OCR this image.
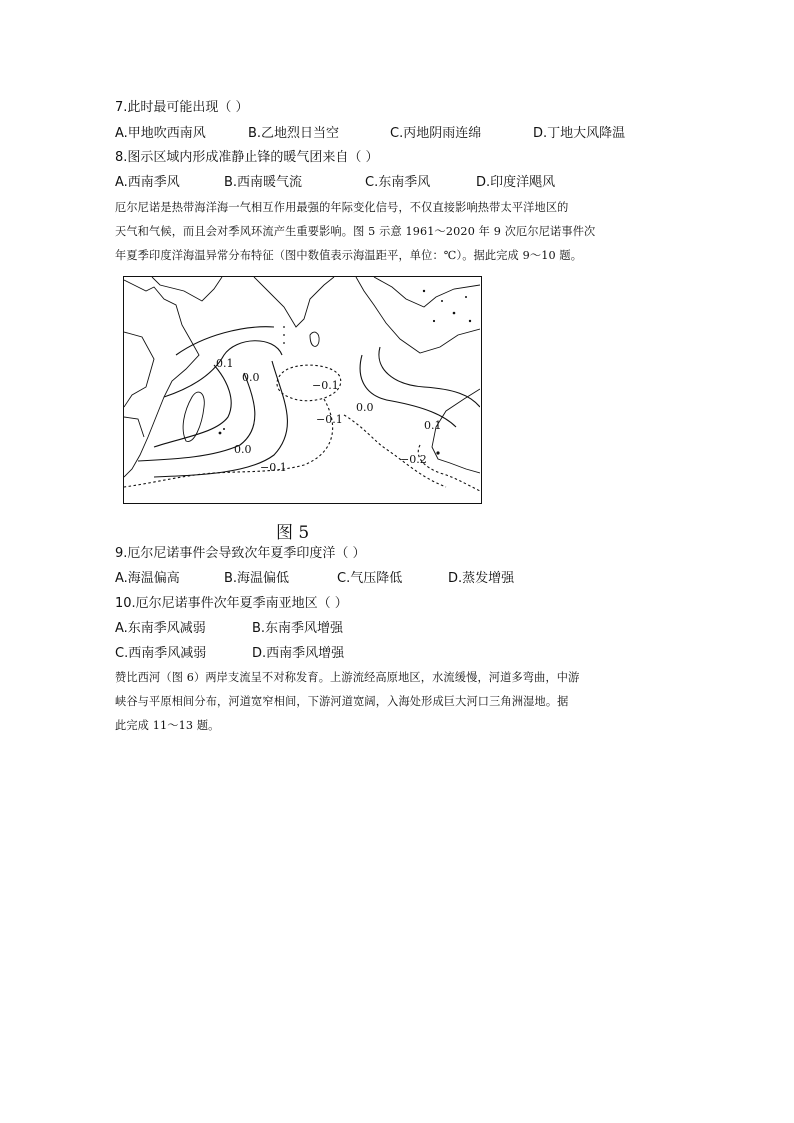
7.此时最可能出现（ ）
A.甲地吹西南风	B.乙地烈日当空	C.丙地阴雨连绵	D.丁地大风降温
8.图示区域内形成准静止锋的暖气团来自（ ）
A.西南季风	B.西南暖气流	C.东南季风	D.印度洋飓风
厄尔尼诺是热带海洋海一气相互作用最强的年际变化信号，不仅直接影响热带太平洋地区的
天气和气候，而且会对季风环流产生重要影响。图 5 示意 1961～2020 年 9 次厄尔尼诺事件次
年夏季印度洋海温异常分布特征（图中数值表示海温距平，单位：℃）。据此完成 9～10 题。
0.1
0.0
−0.1
−0.1
0.0
0.1
0.0
−0.1
−0.2
图 5
9.厄尔尼诺事件会导致次年夏季印度洋（ ）
A.海温偏高	B.海温偏低	C.气压降低	D.蒸发增强
10.厄尔尼诺事件次年夏季南亚地区（ ）
A.东南季风减弱	B.东南季风增强
C.西南季风减弱	D.西南季风增强
赞比西河（图 6）两岸支流呈不对称发育。上游流经高原地区，水流缓慢，河道多弯曲，中游
峡谷与平原相间分布，河道宽窄相间，下游河道宽阔，入海处形成巨大河口三角洲湿地。据
此完成 11～13 题。
